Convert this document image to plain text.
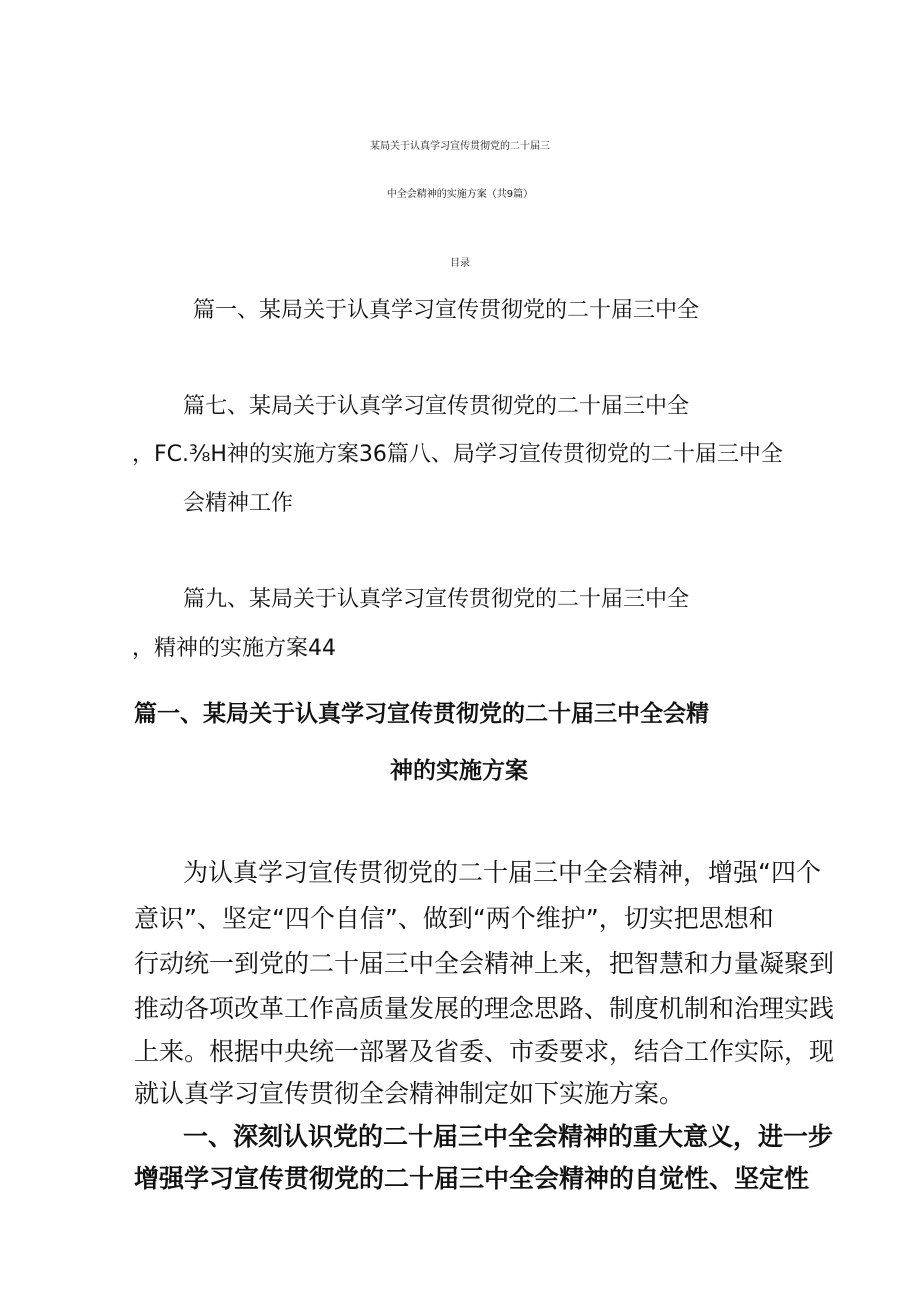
某局关于认真学习宣传贯彻党的二十届三
中全会精神的实施方案（共9篇）
目录
篇一、某局关于认真学习宣传贯彻党的二十届三中全
篇七、某局关于认真学习宣传贯彻党的二十届三中全
，FC.⅜H神的实施方案36篇八、局学习宣传贯彻党的二十届三中全
会精神工作
篇九、某局关于认真学习宣传贯彻党的二十届三中全
，精神的实施方案44
篇一、某局关于认真学习宣传贯彻党的二十届三中全会精
神的实施方案
为认真学习宣传贯彻党的二十届三中全会精神，增强“四个
意识”、坚定“四个自信”、做到“两个维护”，切实把思想和
行动统一到党的二十届三中全会精神上来，把智慧和力量凝聚到
推动各项改革工作高质量发展的理念思路、制度机制和治理实践
上来。根据中央统一部署及省委、市委要求，结合工作实际，现
就认真学习宣传贯彻全会精神制定如下实施方案。
一、深刻认识党的二十届三中全会精神的重大意义，进一步
增强学习宣传贯彻党的二十届三中全会精神的自觉性、坚定性
